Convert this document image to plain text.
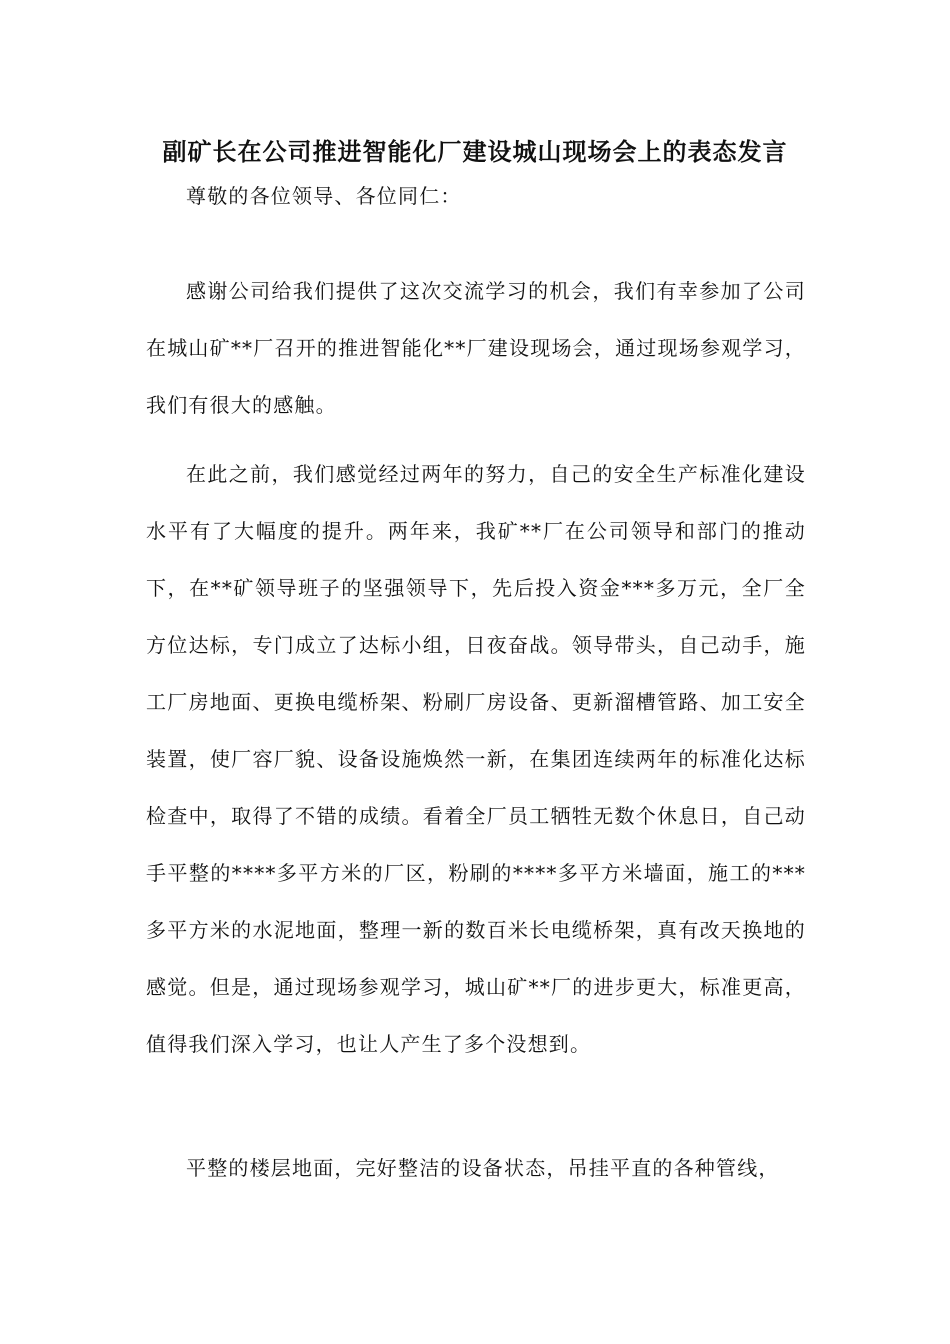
副矿长在公司推进智能化厂建设城山现场会上的表态发言

尊敬的各位领导、各位同仁：

感谢公司给我们提供了这次交流学习的机会，我们有幸参加了公司在城山矿**厂召开的推进智能化**厂建设现场会，通过现场参观学习，我们有很大的感触。

在此之前，我们感觉经过两年的努力，自己的安全生产标准化建设水平有了大幅度的提升。两年来，我矿**厂在公司领导和部门的推动下，在**矿领导班子的坚强领导下，先后投入资金***多万元，全厂全方位达标，专门成立了达标小组，日夜奋战。领导带头，自己动手，施工厂房地面、更换电缆桥架、粉刷厂房设备、更新溜槽管路、加工安全装置，使厂容厂貌、设备设施焕然一新，在集团连续两年的标准化达标检查中，取得了不错的成绩。看着全厂员工牺牲无数个休息日，自己动手平整的****多平方米的厂区，粉刷的****多平方米墙面，施工的***多平方米的水泥地面，整理一新的数百米长电缆桥架，真有改天换地的感觉。但是，通过现场参观学习，城山矿**厂的进步更大，标准更高，值得我们深入学习，也让人产生了多个没想到。

平整的楼层地面，完好整洁的设备状态，吊挂平直的各种管线，
